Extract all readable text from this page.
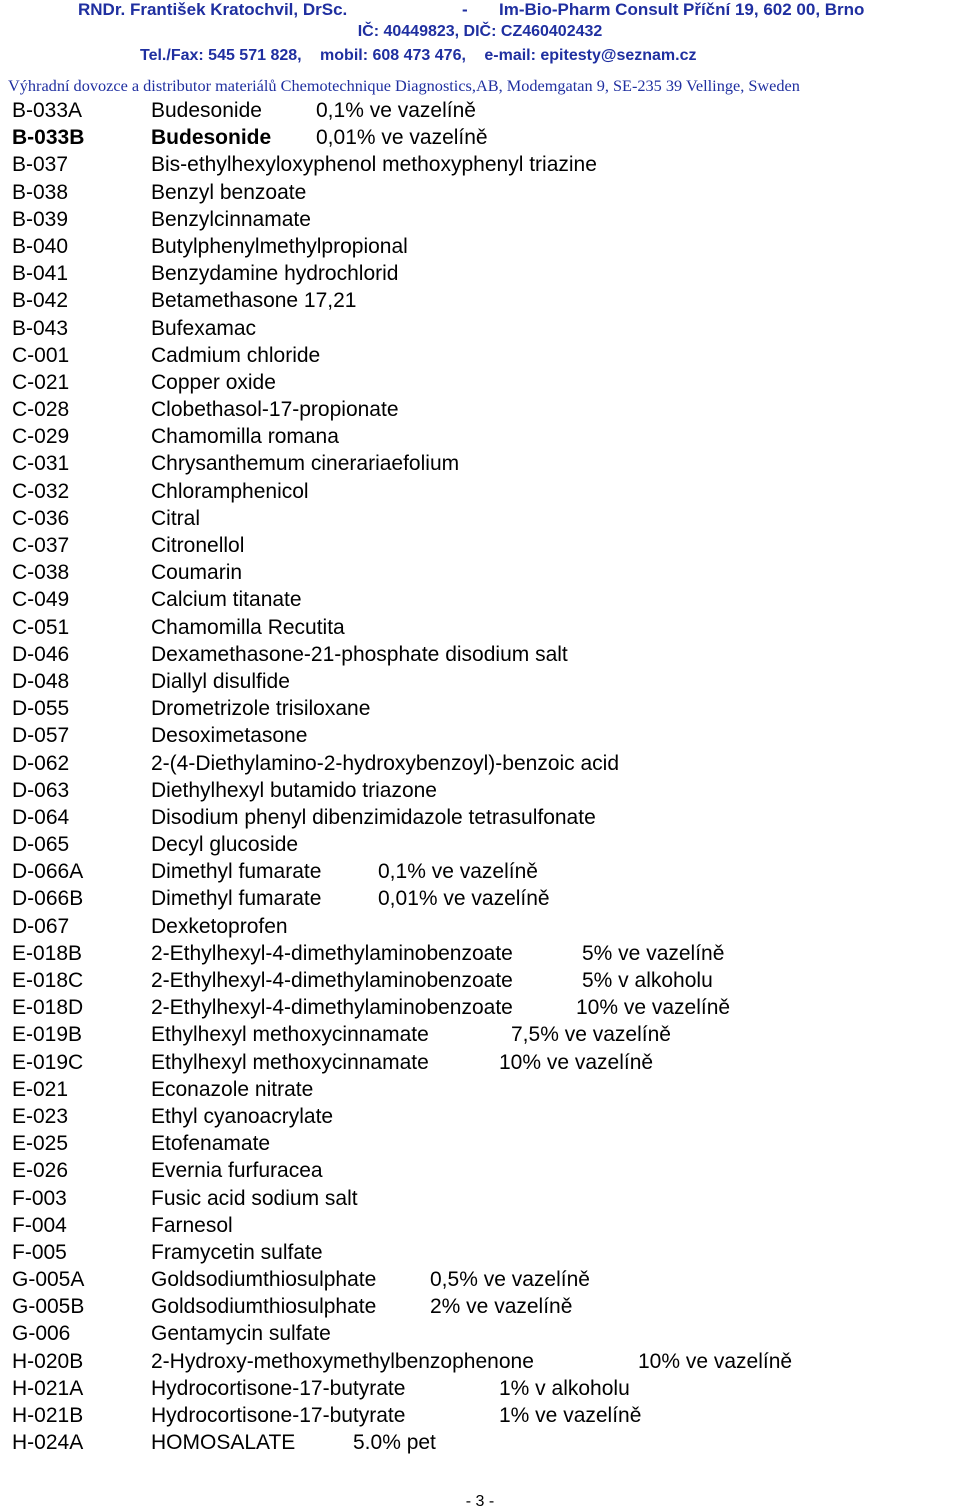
RNDr. František Kratochvil, DrSc.	- Im-Bio-Pharm Consult Příční 19, 602 00, Brno
IČ: 40449823, DIČ: CZ460402432
Tel./Fax: 545 571 828, mobil: 608 473 476, e-mail: epitesty@seznam.cz
Výhradní dovozce a distributor materiálů Chemotechnique Diagnostics,AB, Modemgatan 9, SE-235 39 Vellinge, Sweden
B-033A	Budesonide	0,1% ve vazelíně
B-033B	Budesonide 0,01% ve vazelíně
B-037	Bis-ethylhexyloxyphenol methoxyphenyl triazine
B-038	Benzyl benzoate
B-039	Benzylcinnamate
B-040	Butylphenylmethylpropional
B-041	Benzydamine hydrochlorid
B-042	Betamethasone 17,21
B-043	Bufexamac
C-001	Cadmium chloride
C-021	Copper oxide
C-028	Clobethasol-17-propionate
C-029	Chamomilla romana
C-031	Chrysanthemum cinerariaefolium
C-032	Chloramphenicol
C-036	Citral
C-037	Citronellol
C-038	Coumarin
C-049	Calcium titanate
C-051	Chamomilla Recutita
D-046	Dexamethasone-21-phosphate disodium salt
D-048	Diallyl disulfide
D-055	Drometrizole trisiloxane
D-057	Desoximetasone
D-062	2-(4-Diethylamino-2-hydroxybenzoyl)-benzoic acid
D-063	Diethylhexyl butamido triazone
D-064	Disodium phenyl dibenzimidazole tetrasulfonate
D-065	Decyl glucoside
D-066A	Dimethyl fumarate	0,1% ve vazelíně
D-066B	Dimethyl fumarate	0,01% ve vazelíně
D-067	Dexketoprofen
E-018B	2-Ethylhexyl-4-dimethylaminobenzoate	5% ve vazelíně
E-018C	2-Ethylhexyl-4-dimethylaminobenzoate	5% v alkoholu
E-018D	2-Ethylhexyl-4-dimethylaminobenzoate	10% ve vazelíně
E-019B	Ethylhexyl methoxycinnamate	7,5% ve vazelíně
E-019C	Ethylhexyl methoxycinnamate	10% ve vazelíně
E-021	Econazole nitrate
E-023	Ethyl cyanoacrylate
E-025	Etofenamate
E-026	Evernia furfuracea
F-003	Fusic acid sodium salt
F-004	Farnesol
F-005	Framycetin sulfate
G-005A	Goldsodiumthiosulphate	0,5% ve vazelíně
G-005B	Goldsodiumthiosulphate	2% ve vazelíně
G-006	Gentamycin sulfate
H-020B	2-Hydroxy-methoxymethylbenzophenone	10% ve vazelíně
H-021A	Hydrocortisone-17-butyrate	1% v alkoholu
H-021B	Hydrocortisone-17-butyrate	1% ve vazelíně
H-024A	HOMOSALATE	5.0% pet
- 3 -
